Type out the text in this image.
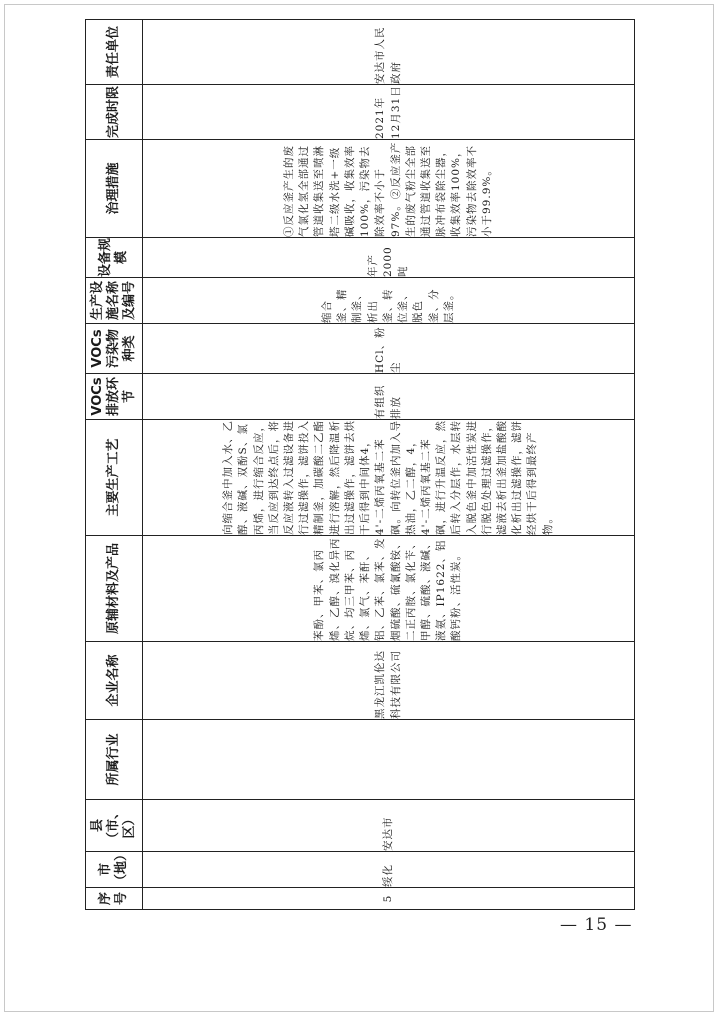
序号	市（地）	县（市、区）	所属行业	企业名称	原辅材料及产品	主要生产工艺	VOCs排放环节	VOCs污染物种类	生产设施名称及编号	设备规模	治理措施	完成时限	责任单位
5	绥化	安达市		黑龙江凯伦达科技有限公司	苯酚、甲苯、氯丙烯、乙醇、溴化异丙烷、均三甲苯、丙烯、氯气、苯酐、铝、乙苯、氯苯、发烟硫酸、硫氰酸铵、二正丙胺、氯化苄、甲醇、硫酸、液碱、液氨、IP1622、铝酸钙粉、活性炭。	向缩合釜中加入水、乙醇、液碱、双酚S、氯丙烯，进行缩合反应，当反应到达终点后，将反应液转入过滤设备进行过滤操作，滤饼投入精制釜，加碳酸二乙酯进行溶解，然后降温析出过滤操作，滤饼去烘干后得到中间体4，4'-二烯丙氧基二苯砜。向转位釜内加入导热油，乙二醇，4，4'-二烯丙氧基二苯砜，进行升温反应，然后转入分层作，水层转入脱色釜中加活性炭进行脱色处理过滤操作，滤液去析出釜加盐酸酸化析出过滤操作，滤饼经烘干后得到最终产物。	有组织排放	HCl、粉尘	缩合釜、精制釜、析出釜、转位釜、脱色釜、分层釜。	年产2000吨	①反应釜产生的废气氯化氢全部通过管道收集送至喷淋塔二级水洗+一级碱吸收，收集效率100%，污染物去除效率不小于97%。②反应釜产生的废气粉尘全部通过管道收集送至脉冲布袋除尘器，收集效率100%，污染物去除效率不小于99.9%。	2021年12月31日	安达市人民政府
— 15 —
